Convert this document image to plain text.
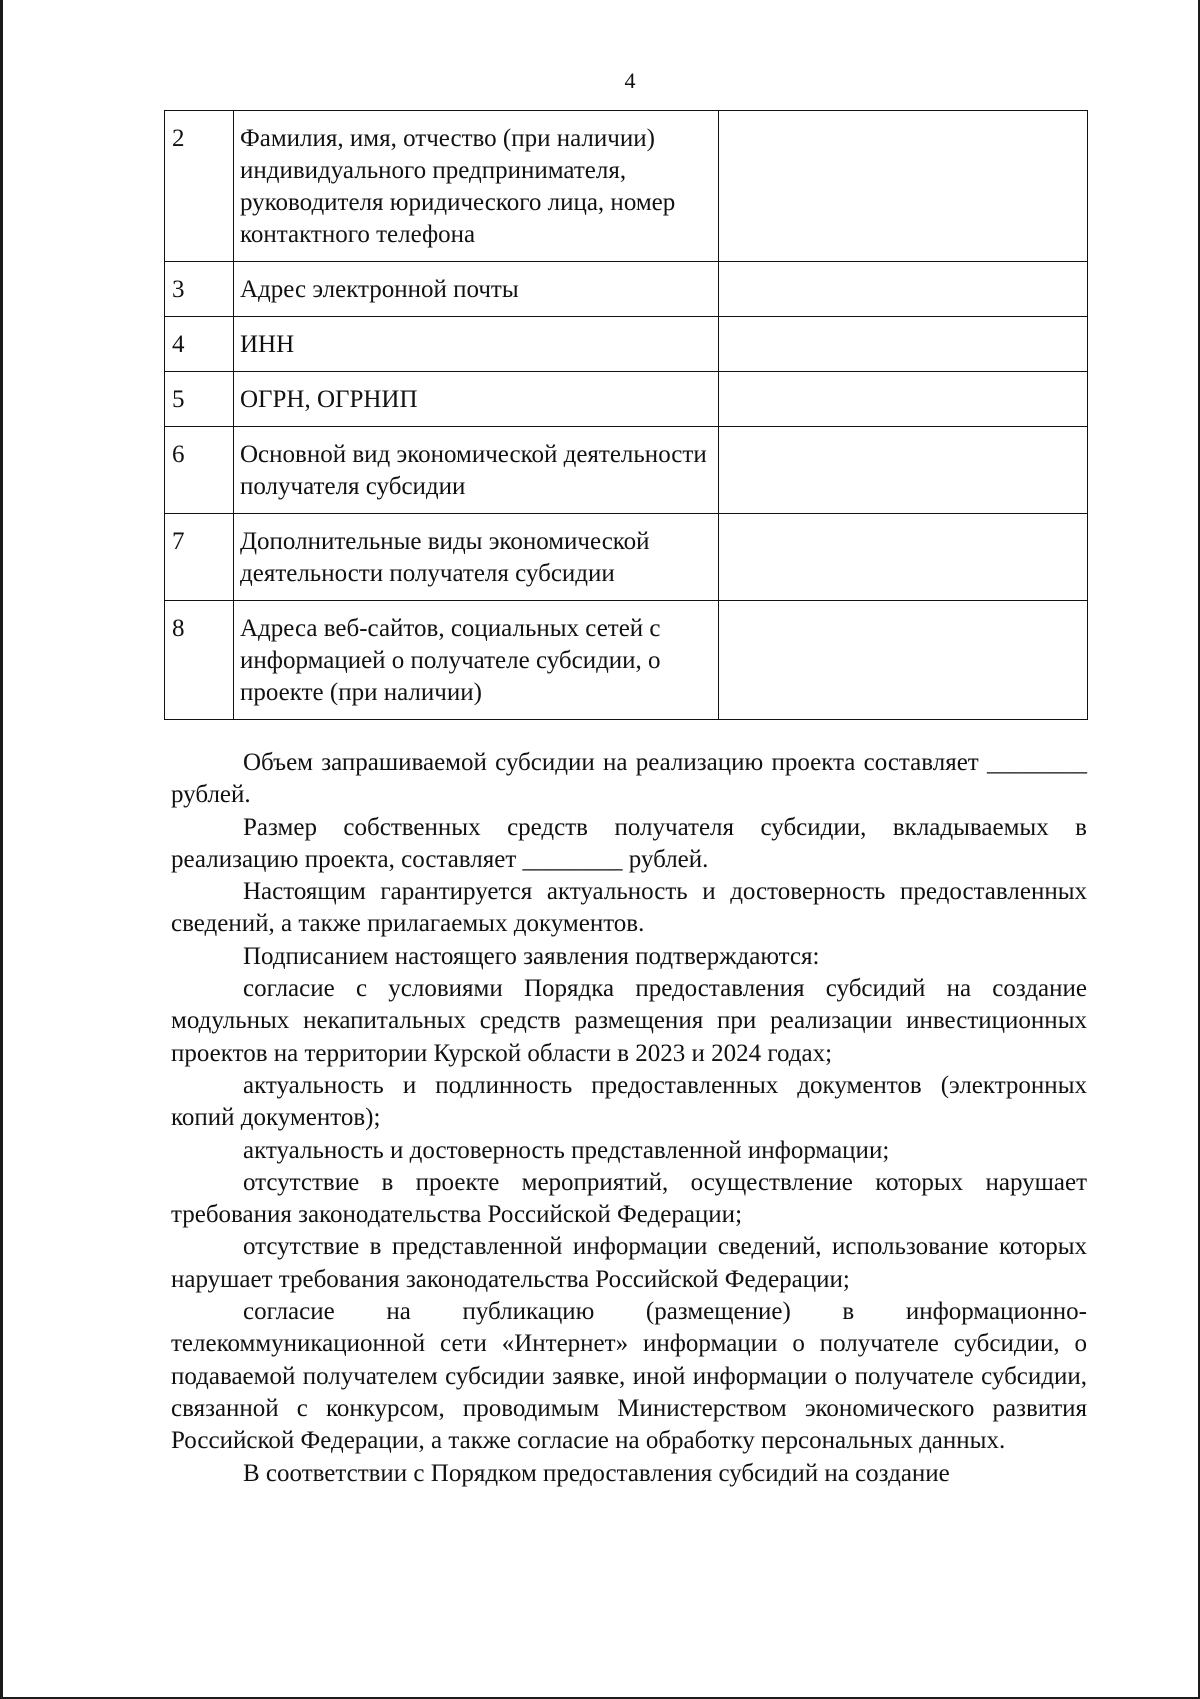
4
2	Фамилия, имя, отчество (при наличии) индивидуального предпринимателя, руководителя юридического лица, номер контактного телефона	
3	Адрес электронной почты	
4	ИНН	
5	ОГРН, ОГРНИП	
6	Основной вид экономической деятельности получателя субсидии	
7	Дополнительные виды экономической деятельности получателя субсидии	
8	Адреса веб-сайтов, социальных сетей с информацией о получателе субсидии, о проекте (при наличии)	

Объем запрашиваемой субсидии на реализацию проекта составляет ________ рублей.

Размер собственных средств получателя субсидии, вкладываемых в реализацию проекта, составляет ________ рублей.

Настоящим гарантируется актуальность и достоверность предоставленных сведений, а также прилагаемых документов.

Подписанием настоящего заявления подтверждаются:

согласие с условиями Порядка предоставления субсидий на создание модульных некапитальных средств размещения при реализации инвестиционных проектов на территории Курской области в 2023 и 2024 годах;

актуальность и подлинность предоставленных документов (электронных копий документов);

актуальность и достоверность представленной информации;

отсутствие в проекте мероприятий, осуществление которых нарушает требования законодательства Российской Федерации;

отсутствие в представленной информации сведений, использование которых нарушает требования законодательства Российской Федерации;

согласие на публикацию (размещение) в информационно-телекоммуникационной сети «Интернет» информации о получателе субсидии, о подаваемой получателем субсидии заявке, иной информации о получателе субсидии, связанной с конкурсом, проводимым Министерством экономического развития Российской Федерации, а также согласие на обработку персональных данных.

В соответствии с Порядком предоставления субсидий на создание
